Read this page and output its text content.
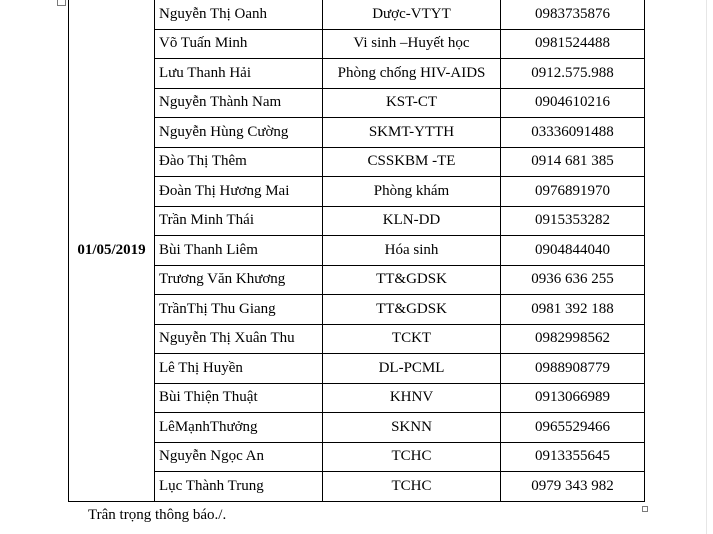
01/05/2019	Nguyễn Thị Oanh	Dược-VTYT	0983735876
	Võ Tuấn Minh	Vi sinh –Huyết học	0981524488
	Lưu Thanh Hải	Phòng chống HIV-AIDS	0912.575.988
	Nguyễn Thành Nam	KST-CT	0904610216
	Nguyễn Hùng Cường	SKMT-YTTH	03336091488
	Đào Thị Thêm	CSSKBM -TE	0914 681 385
	Đoàn Thị Hương Mai	Phòng khám	0976891970
	Trần Minh Thái	KLN-DD	0915353282
	Bùi Thanh Liêm	Hóa sinh	0904844040
	Trương Văn Khương	TT&GDSK	0936 636 255
	TrầnThị Thu Giang	TT&GDSK	0981 392 188
	Nguyễn Thị Xuân Thu	TCKT	0982998562
	Lê Thị Huyền	DL-PCML	0988908779
	Bùi Thiện Thuật	KHNV	0913066989
	LêMạnhThưởng	SKNN	0965529466
	Nguyễn Ngọc An	TCHC	0913355645
	Lục Thành Trung	TCHC	0979 343 982
Trân trọng thông báo./.
